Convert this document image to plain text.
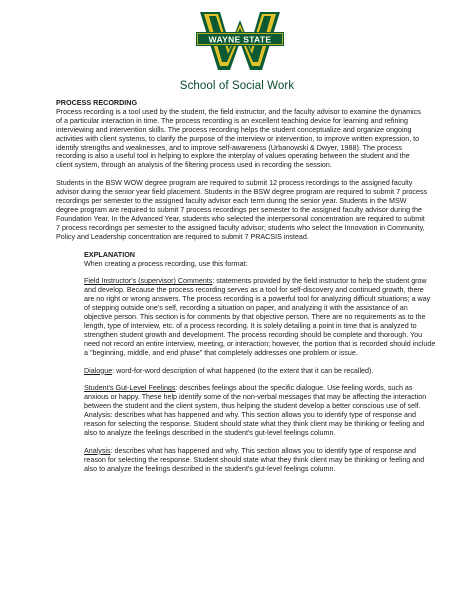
WAYNE STATE
School of Social Work

PROCESS RECORDING

Process recording is a tool used by the student, the field instructor, and the faculty advisor to examine the dynamics of a particular interaction in time. The process recording is an excellent teaching device for learning and refining interviewing and intervention skills. The process recording helps the student conceptualize and organize ongoing activities with client systems, to clarify the purpose of the interview or intervention, to improve written expression, to identify strengths and weaknesses, and to improve self-awareness (Urbanowski & Dwyer, 1988). The process recording is also a useful tool in helping to explore the interplay of values operating between the student and the client system, through an analysis of the filtering process used in recording the session.

Students in the BSW WOW degree program are required to submit 12 process recordings to the assigned faculty advisor during the senior year field placement. Students in the BSW degree program are required to submit 7 process recordings per semester to the assigned faculty advisor each term during the senior year. Students in the MSW degree program are required to submit 7 process recordings per semester to the assigned faculty advisor during the Foundation Year. In the Advanced Year, students who selected the interpersonal concentration are required to submit 7 process recordings per semester to the assigned faculty advisor; students who select the Innovation in Community, Policy and Leadership concentration are required to submit 7 PRACSIS instead.

EXPLANATION

When creating a process recording, use this format:

Field Instructor's (supervisor) Comments: statements provided by the field instructor to help the student grow and develop. Because the process recording serves as a tool for self-discovery and continued growth, there are no right or wrong answers. The process recording is a powerful tool for analyzing difficult situations; a way of stepping outside one's self, recording a situation on paper, and analyzing it with the assistance of an objective person. This section is for comments by that objective person. There are no requirements as to the length, type of interview, etc. of a process recording. It is solely detailing a point in time that is analyzed to strengthen student growth and development. The process recording should be complete and thorough. You need not record an entire interview, meeting, or interaction; however, the portion that is recorded should include a "beginning, middle, and end phase" that completely addresses one problem or issue.

Dialogue: word-for-word description of what happened (to the extent that it can be recalled).

Student's Gut-Level Feelings: describes feelings about the specific dialogue. Use feeling words, such as anxious or happy. These help identify some of the non-verbal messages that may be affecting the interaction between the student and the client system, thus helping the student develop a better conscious use of self. Analysis: describes what has happened and why. This section allows you to identify type of response and reason for selecting the response. Student should state what they think client may be thinking or feeling and also to analyze the feelings described in the student's gut-level feelings column.

Analysis: describes what has happened and why. This section allows you to identify type of response and reason for selecting the response. Student should state what they think client may be thinking or feeling and also to analyze the feelings described in the student's gut-level feelings column.
